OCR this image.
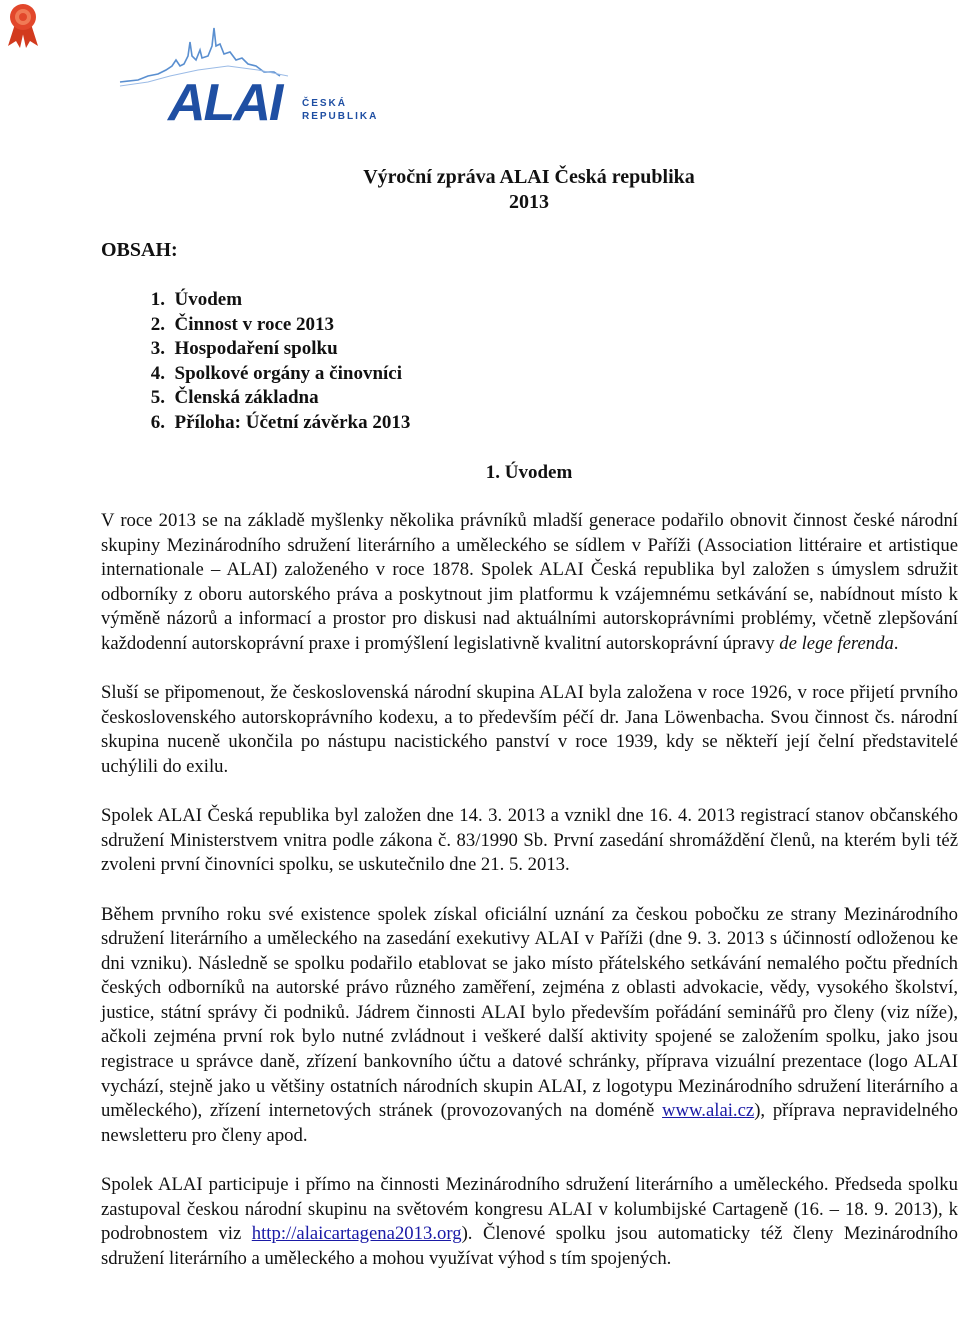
ALAI	ČESKÁ
REPUBLIKA
Výroční zpráva ALAI Česká republika
2013
OBSAH:
1.
Úvodem
2.
Činnost v roce 2013
3.
Hospodaření spolku
4.
Spolkové orgány a činovníci
5.
Členská základna
6.
Příloha: Účetní závěrka 2013
1. Úvodem

V roce 2013 se na základě myšlenky několika právníků mladší generace podařilo obnovit činnost české národní skupiny Mezinárodního sdružení literárního a uměleckého se sídlem v Paříži (Association littéraire et artistique internationale – ALAI) založeného v roce 1878. Spolek ALAI Česká republika byl založen s úmyslem sdružit odborníky z oboru autorského práva a poskytnout jim platformu k vzájemnému setkávání se, nabídnout místo k výměně názorů a informací a prostor pro diskusi nad aktuálními autorskoprávními problémy, včetně zlepšování každodenní autorskoprávní praxe i promýšlení legislativně kvalitní autorskoprávní úpravy de lege ferenda.

Sluší se připomenout, že československá národní skupina ALAI byla založena v roce 1926, v roce přijetí prvního československého autorskoprávního kodexu, a to především péčí dr. Jana Löwenbacha. Svou činnost čs. národní skupina nuceně ukončila po nástupu nacistického panství v roce 1939, kdy se někteří její čelní představitelé uchýlili do exilu.

Spolek ALAI Česká republika byl založen dne 14. 3. 2013 a vznikl dne 16. 4. 2013 registrací stanov občanského sdružení Ministerstvem vnitra podle zákona č. 83/1990 Sb. První zasedání shromáždění členů, na kterém byli též zvoleni první činovníci spolku, se uskutečnilo dne 21. 5. 2013.

Během prvního roku své existence spolek získal oficiální uznání za českou pobočku ze strany Mezinárodního sdružení literárního a uměleckého na zasedání exekutivy ALAI v Paříži (dne 9. 3. 2013 s účinností odloženou ke dni vzniku). Následně se spolku podařilo etablovat se jako místo přátelského setkávání nemalého počtu předních českých odborníků na autorské právo různého zaměření, zejména z oblasti advokacie, vědy, vysokého školství, justice, státní správy či podniků. Jádrem činnosti ALAI bylo především pořádání seminářů pro členy (viz níže), ačkoli zejména první rok bylo nutné zvládnout i veškeré další aktivity spojené se založením spolku, jako jsou registrace u správce daně, zřízení bankovního účtu a datové schránky, příprava vizuální prezentace (logo ALAI vychází, stejně jako u většiny ostatních národních skupin ALAI, z logotypu Mezinárodního sdružení literárního a uměleckého), zřízení internetových stránek (provozovaných na doméně www.alai.cz), příprava nepravidelného newsletteru pro členy apod.

Spolek ALAI participuje i přímo na činnosti Mezinárodního sdružení literárního a uměleckého. Předseda spolku zastupoval českou národní skupinu na světovém kongresu ALAI v kolumbijské Cartageně (16. – 18. 9. 2013), k podrobnostem viz http://alaicartagena2013.org). Členové spolku jsou automaticky též členy Mezinárodního sdružení literárního a uměleckého a mohou využívat výhod s tím spojených.
